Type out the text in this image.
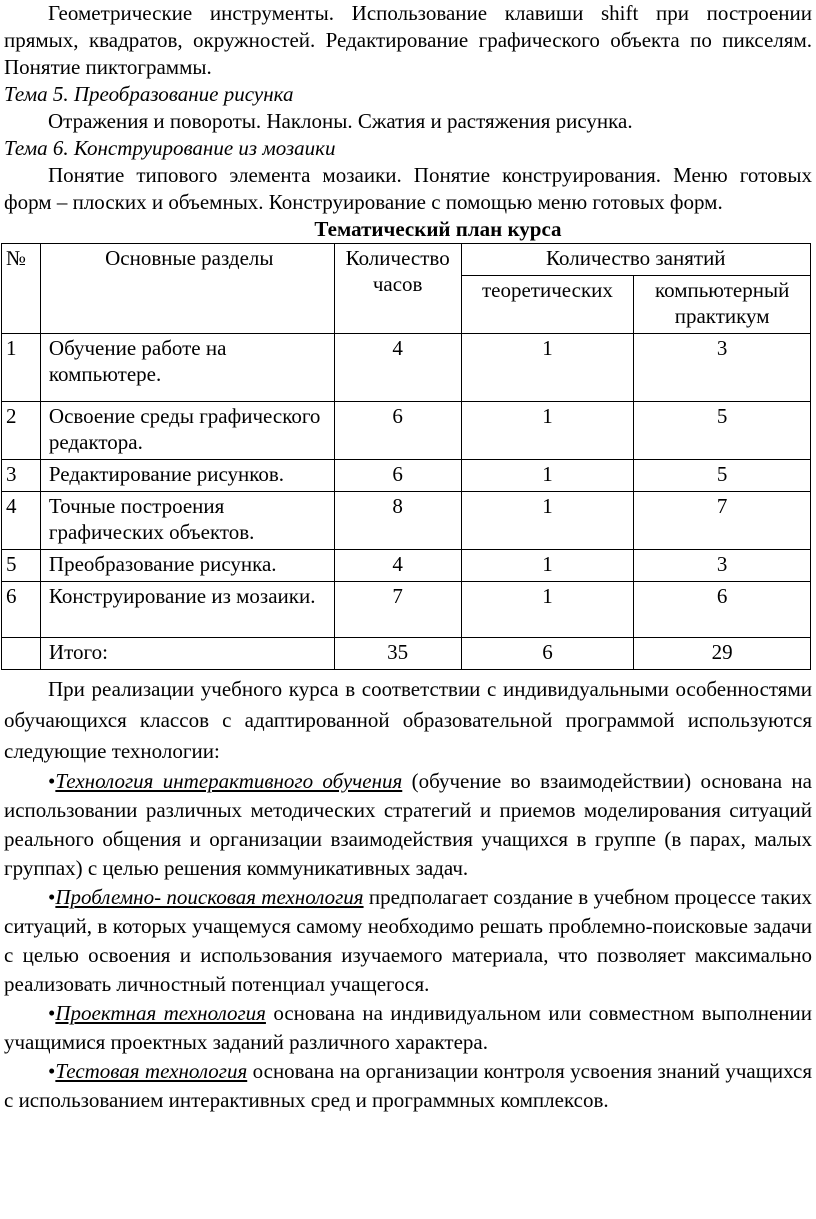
Геометрические инструменты. Использование клавиши shift при построении прямых, квадратов, окружностей. Редактирование графического объекта по пикселям. Понятие пиктограммы.

Тема 5. Преобразование рисунка

Отражения и повороты. Наклоны. Сжатия и растяжения рисунка.

Тема 6. Конструирование из мозаики

Понятие типового элемента мозаики. Понятие конструирования. Меню готовых форм – плоских и объемных. Конструирование с помощью меню готовых форм.

Тематический план курса

№	Основные разделы	Количество часов	Количество занятий	
			теоретических	компьютерный практикум
1	Обучение работе на компьютере.	4	1	3
2	Освоение среды графического редактора.	6	1	5
3	Редактирование рисунков.	6	1	5
4	Точные построения графических объектов.	8	1	7
5	Преобразование рисунка.	4	1	3
6	Конструирование из мозаики.	7	1	6
	Итого:	35	6	29

При реализации учебного курса в соответствии с индивидуальными особенностями обучающихся классов с адаптированной образовательной программой используются следующие технологии:

•Технология интерактивного обучения (обучение во взаимодействии) основана на использовании различных методических стратегий и приемов моделирования ситуаций реального общения и организации взаимодействия учащихся в группе (в парах, малых группах) с целью решения коммуникативных задач.

•Проблемно- поисковая технология предполагает создание в учебном процессе таких ситуаций, в которых учащемуся самому необходимо решать проблемно-поисковые задачи с целью освоения и использования изучаемого материала, что позволяет максимально реализовать личностный потенциал учащегося.

•Проектная технология основана на индивидуальном или совместном выполнении учащимися проектных заданий различного характера.

•Тестовая технология основана на организации контроля усвоения знаний учащихся с использованием интерактивных сред и программных комплексов.
